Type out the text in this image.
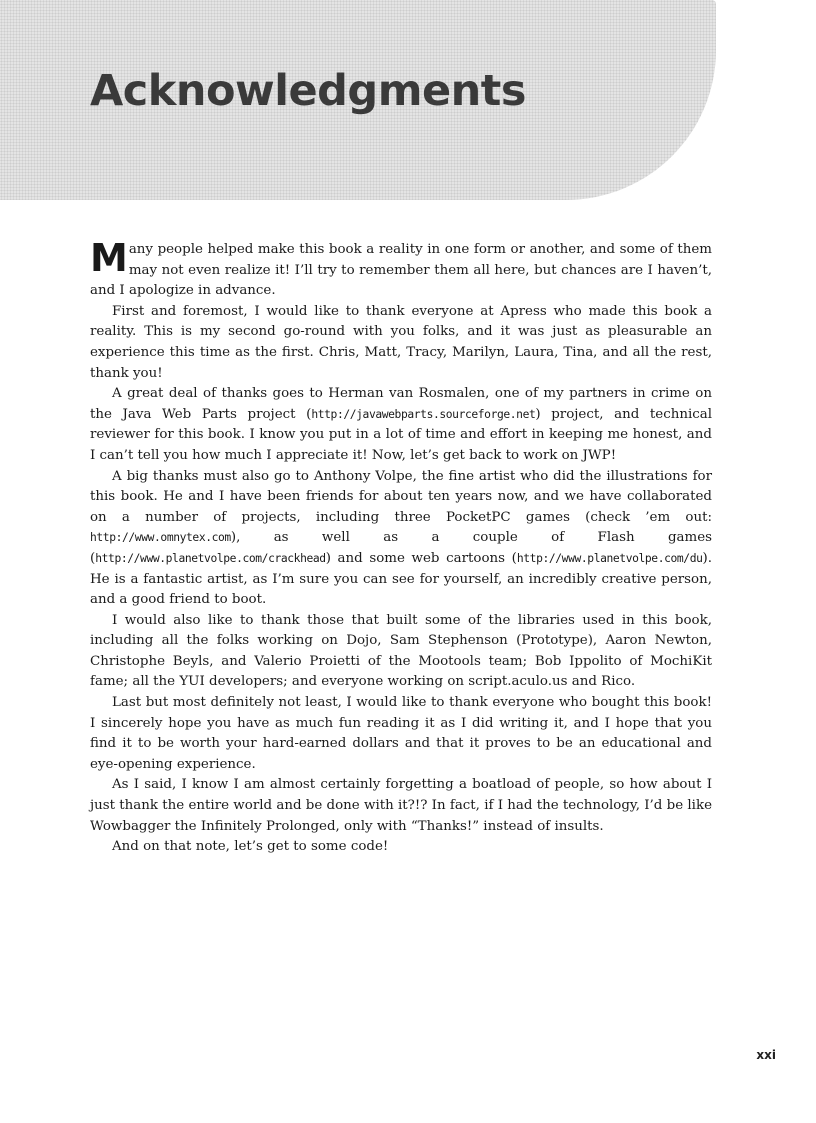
Acknowledgments

Many people helped make this book a reality in one form or another, and some of them may not even realize it! I’ll try to remember them all here, but chances are I haven’t, and I apologize in advance.

First and foremost, I would like to thank everyone at Apress who made this book a reality. This is my second go-round with you folks, and it was just as pleasurable an experience this time as the first. Chris, Matt, Tracy, Marilyn, Laura, Tina, and all the rest, thank you!

A great deal of thanks goes to Herman van Rosmalen, one of my partners in crime on the Java Web Parts project (http://javawebparts.sourceforge.net) project, and technical reviewer for this book. I know you put in a lot of time and effort in keeping me honest, and I can’t tell you how much I appreciate it! Now, let’s get back to work on JWP!

A big thanks must also go to Anthony Volpe, the fine artist who did the illustrations for this book. He and I have been friends for about ten years now, and we have collaborated on a number of projects, including three PocketPC games (check ’em out: http://www.omnytex.com), as well as a couple of Flash games (http://www.planetvolpe.com/crackhead) and some web cartoons (http://www.planetvolpe.com/du). He is a fantastic artist, as I’m sure you can see for yourself, an incredibly creative person, and a good friend to boot.

I would also like to thank those that built some of the libraries used in this book, including all the folks working on Dojo, Sam Stephenson (Prototype), Aaron Newton, Christophe Beyls, and Valerio Proietti of the Mootools team; Bob Ippolito of MochiKit fame; all the YUI developers; and everyone working on script.aculo.us and Rico.

Last but most definitely not least, I would like to thank everyone who bought this book! I sincerely hope you have as much fun reading it as I did writing it, and I hope that you find it to be worth your hard-earned dollars and that it proves to be an educational and eye-opening experience.

As I said, I know I am almost certainly forgetting a boatload of people, so how about I just thank the entire world and be done with it?!? In fact, if I had the technology, I’d be like Wowbagger the Infinitely Prolonged, only with “Thanks!” instead of insults.

And on that note, let’s get to some code!

xxi
